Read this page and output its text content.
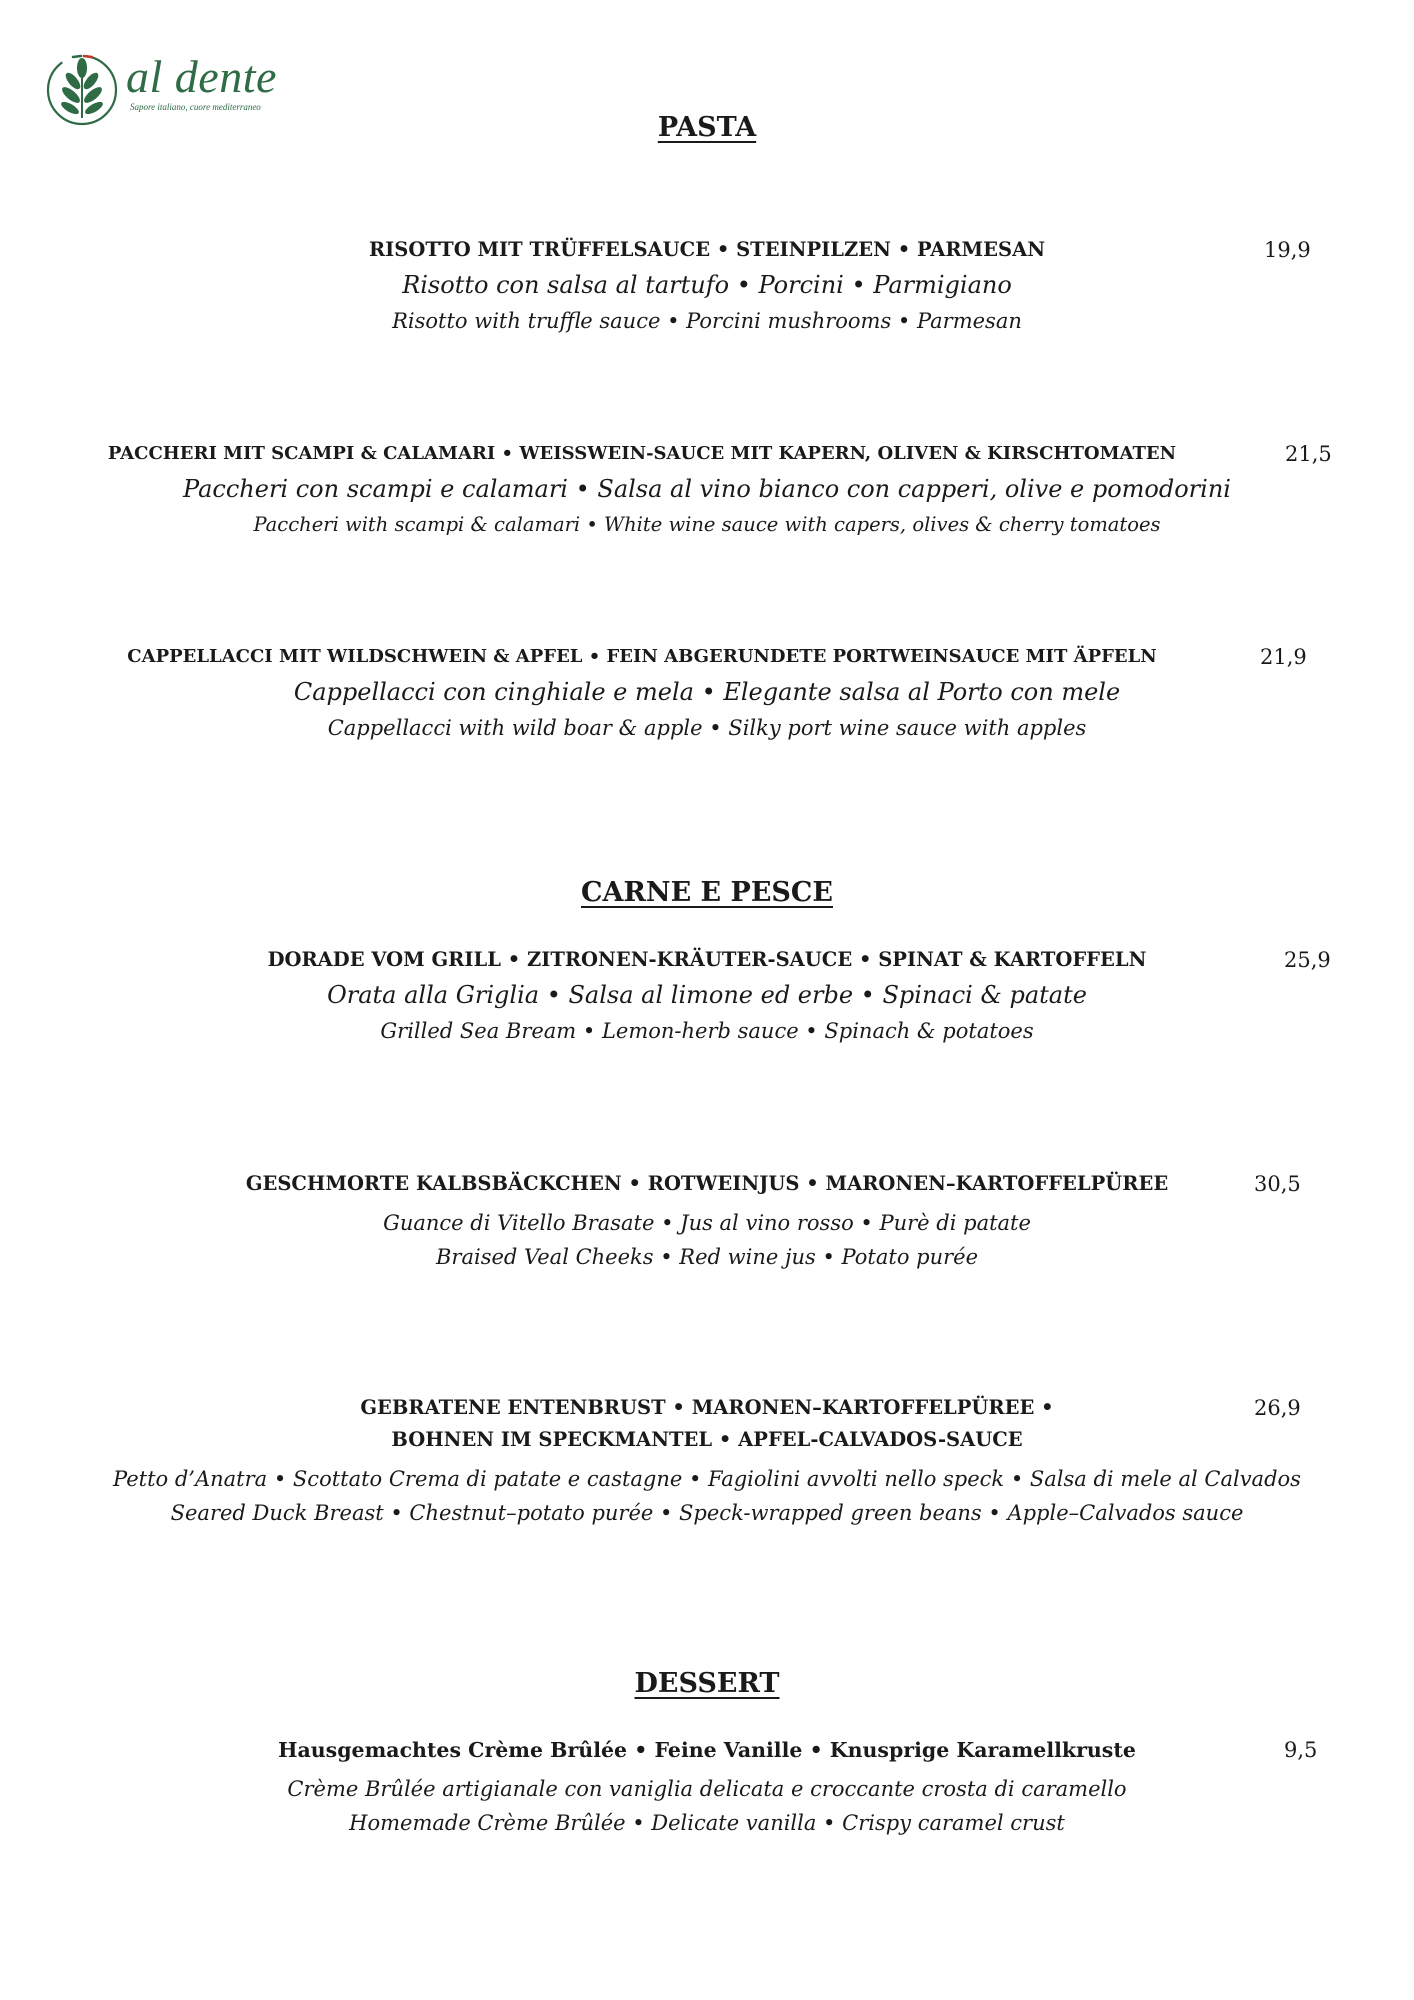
al dente
Sapore italiano, cuore mediterraneo
PASTA
RISOTTO MIT TRÜFFELSAUCE • STEINPILZEN • PARMESAN	19,9
Risotto con salsa al tartufo • Porcini • Parmigiano
Risotto with truffle sauce • Porcini mushrooms • Parmesan
PACCHERI MIT SCAMPI & CALAMARI • WEISSWEIN-SAUCE MIT KAPERN, OLIVEN & KIRSCHTOMATEN	21,5
Paccheri con scampi e calamari • Salsa al vino bianco con capperi, olive e pomodorini
Paccheri with scampi & calamari • White wine sauce with capers, olives & cherry tomatoes
CAPPELLACCI MIT WILDSCHWEIN & APFEL • FEIN ABGERUNDETE PORTWEINSAUCE MIT ÄPFELN	21,9
Cappellacci con cinghiale e mela • Elegante salsa al Porto con mele
Cappellacci with wild boar & apple • Silky port wine sauce with apples
CARNE E PESCE
DORADE VOM GRILL • ZITRONEN-KRÄUTER-SAUCE • SPINAT & KARTOFFELN	25,9
Orata alla Griglia • Salsa al limone ed erbe • Spinaci & patate
Grilled Sea Bream • Lemon-herb sauce • Spinach & potatoes
GESCHMORTE KALBSBÄCKCHEN • ROTWEINJUS • MARONEN–KARTOFFELPÜREE	30,5
Guance di Vitello Brasate • Jus al vino rosso • Purè di patate
Braised Veal Cheeks • Red wine jus • Potato purée
GEBRATENE ENTENBRUST • MARONEN–KARTOFFELPÜREE •
BOHNEN IM SPECKMANTEL • APFEL-CALVADOS-SAUCE
26,9
Petto d’Anatra • Scottato Crema di patate e castagne • Fagiolini avvolti nello speck • Salsa di mele al Calvados
Seared Duck Breast • Chestnut–potato purée • Speck-wrapped green beans • Apple–Calvados sauce
DESSERT
Hausgemachtes Crème Brûlée • Feine Vanille • Knusprige Karamellkruste	9,5
Crème Brûlée artigianale con vaniglia delicata e croccante crosta di caramello
Homemade Crème Brûlée • Delicate vanilla • Crispy caramel crust
